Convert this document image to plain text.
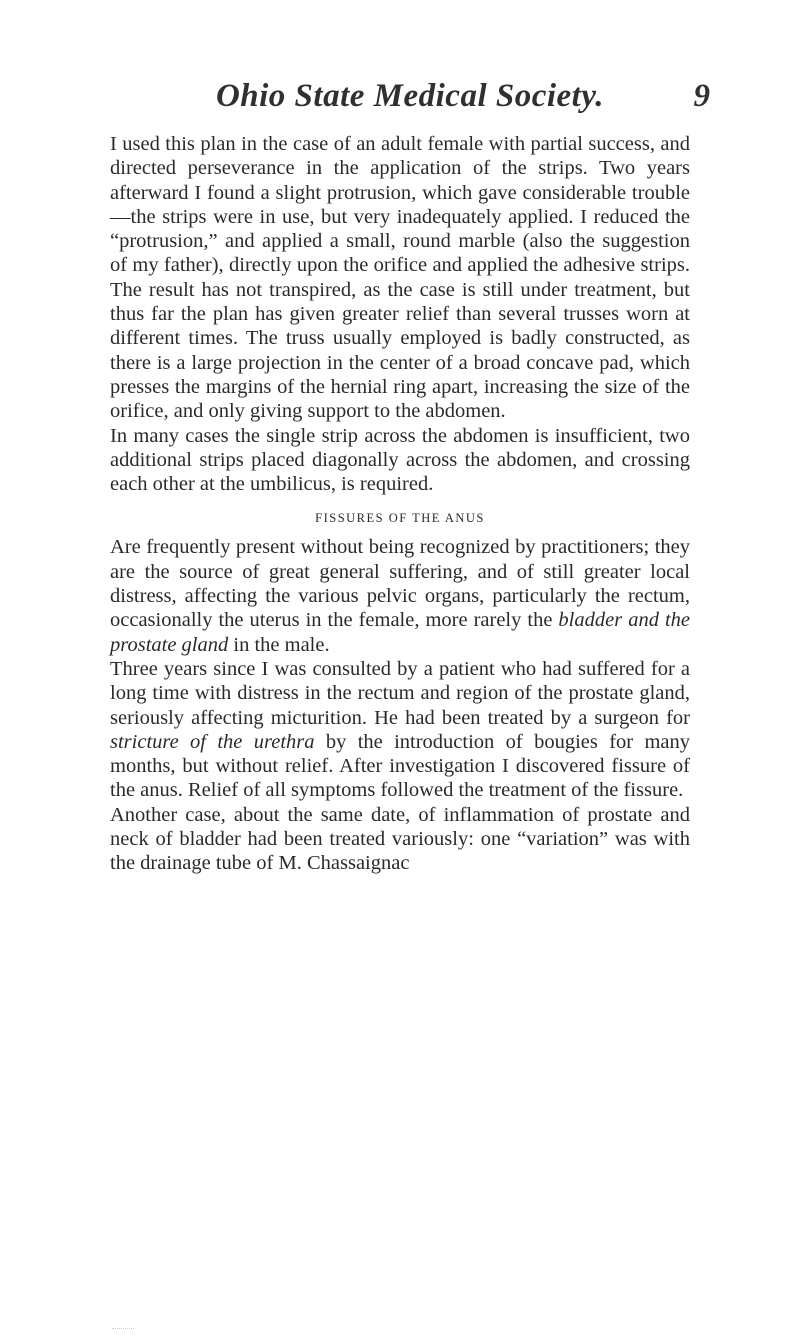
Ohio State Medical Society.	9

I used this plan in the case of an adult female with partial success, and directed perseverance in the application of the strips. Two years afterward I found a slight protrusion, which gave considerable trouble—the strips were in use, but very inadequately applied. I reduced the “protrusion,” and applied a small, round marble (also the suggestion of my father), directly upon the orifice and applied the adhesive strips. The result has not transpired, as the case is still under treatment, but thus far the plan has given greater relief than several trusses worn at different times. The truss usually employed is badly constructed, as there is a large projection in the center of a broad concave pad, which presses the margins of the hernial ring apart, increasing the size of the orifice, and only giving support to the abdomen.

In many cases the single strip across the abdomen is insufficient, two additional strips placed diagonally across the abdomen, and crossing each other at the umbilicus, is required.

FISSURES OF THE ANUS

Are frequently present without being recognized by practitioners; they are the source of great general suffering, and of still greater local distress, affecting the various pelvic organs, particularly the rectum, occasionally the uterus in the female, more rarely the bladder and the prostate gland in the male.

Three years since I was consulted by a patient who had suffered for a long time with distress in the rectum and region of the prostate gland, seriously affecting micturition. He had been treated by a surgeon for stricture of the urethra by the introduction of bougies for many months, but without relief. After investigation I discovered fissure of the anus. Relief of all symptoms followed the treatment of the fissure.

Another case, about the same date, of inflammation of prostate and neck of bladder had been treated variously: one “variation” was with the drainage tube of M. Chassaignac
